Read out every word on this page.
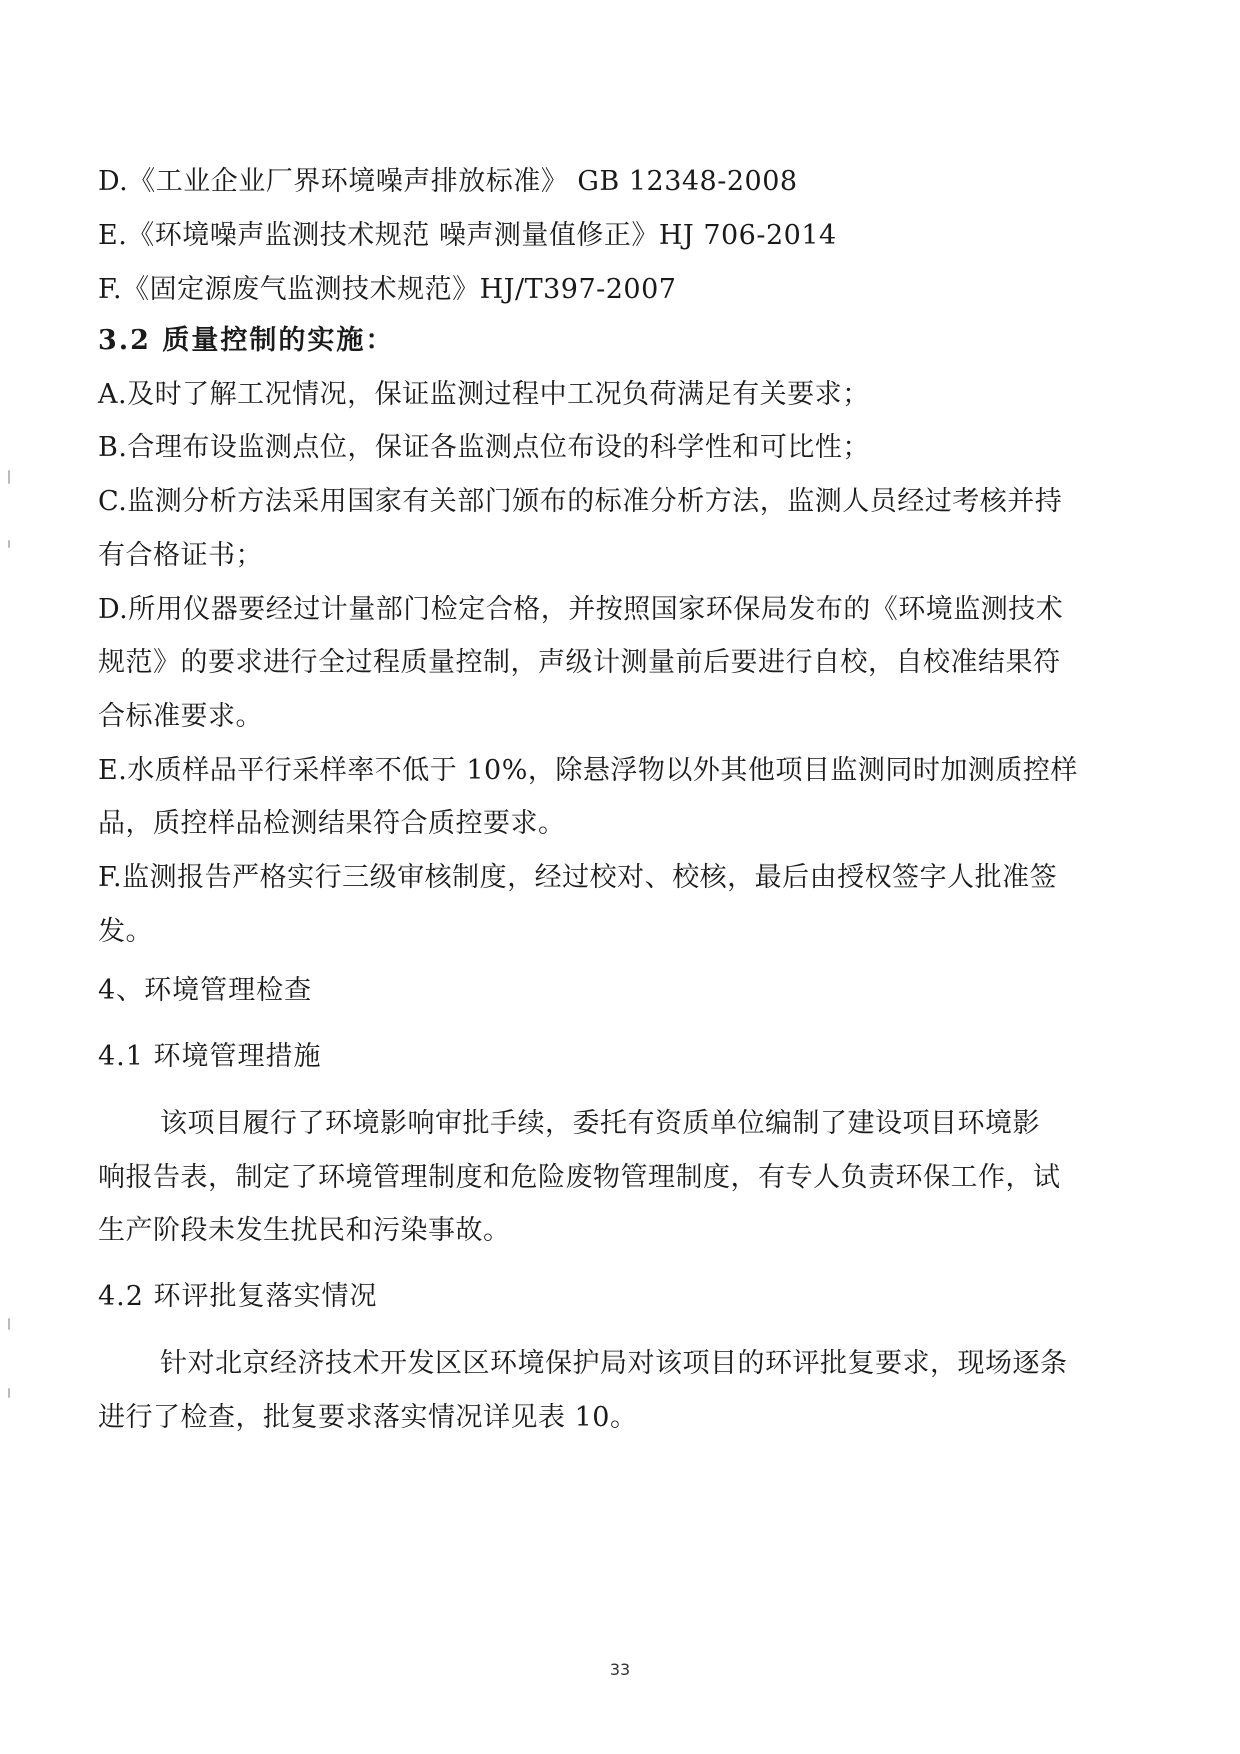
D.《工业企业厂界环境噪声排放标准》 GB 12348-2008
E.《环境噪声监测技术规范 噪声测量值修正》HJ 706-2014
F.《固定源废气监测技术规范》HJ/T397-2007
3.2 质量控制的实施：
A.及时了解工况情况，保证监测过程中工况负荷满足有关要求；
B.合理布设监测点位，保证各监测点位布设的科学性和可比性；
C.监测分析方法采用国家有关部门颁布的标准分析方法，监测人员经过考核并持
有合格证书；
D.所用仪器要经过计量部门检定合格，并按照国家环保局发布的《环境监测技术
规范》的要求进行全过程质量控制，声级计测量前后要进行自校，自校准结果符
合标准要求。
E.水质样品平行采样率不低于 10%，除悬浮物以外其他项目监测同时加测质控样
品，质控样品检测结果符合质控要求。
F.监测报告严格实行三级审核制度，经过校对、校核，最后由授权签字人批准签
发。
4、环境管理检查
4.1 环境管理措施
该项目履行了环境影响审批手续，委托有资质单位编制了建设项目环境影
响报告表，制定了环境管理制度和危险废物管理制度，有专人负责环保工作，试
生产阶段未发生扰民和污染事故。
4.2 环评批复落实情况
针对北京经济技术开发区区环境保护局对该项目的环评批复要求，现场逐条
进行了检查，批复要求落实情况详见表 10。
33
